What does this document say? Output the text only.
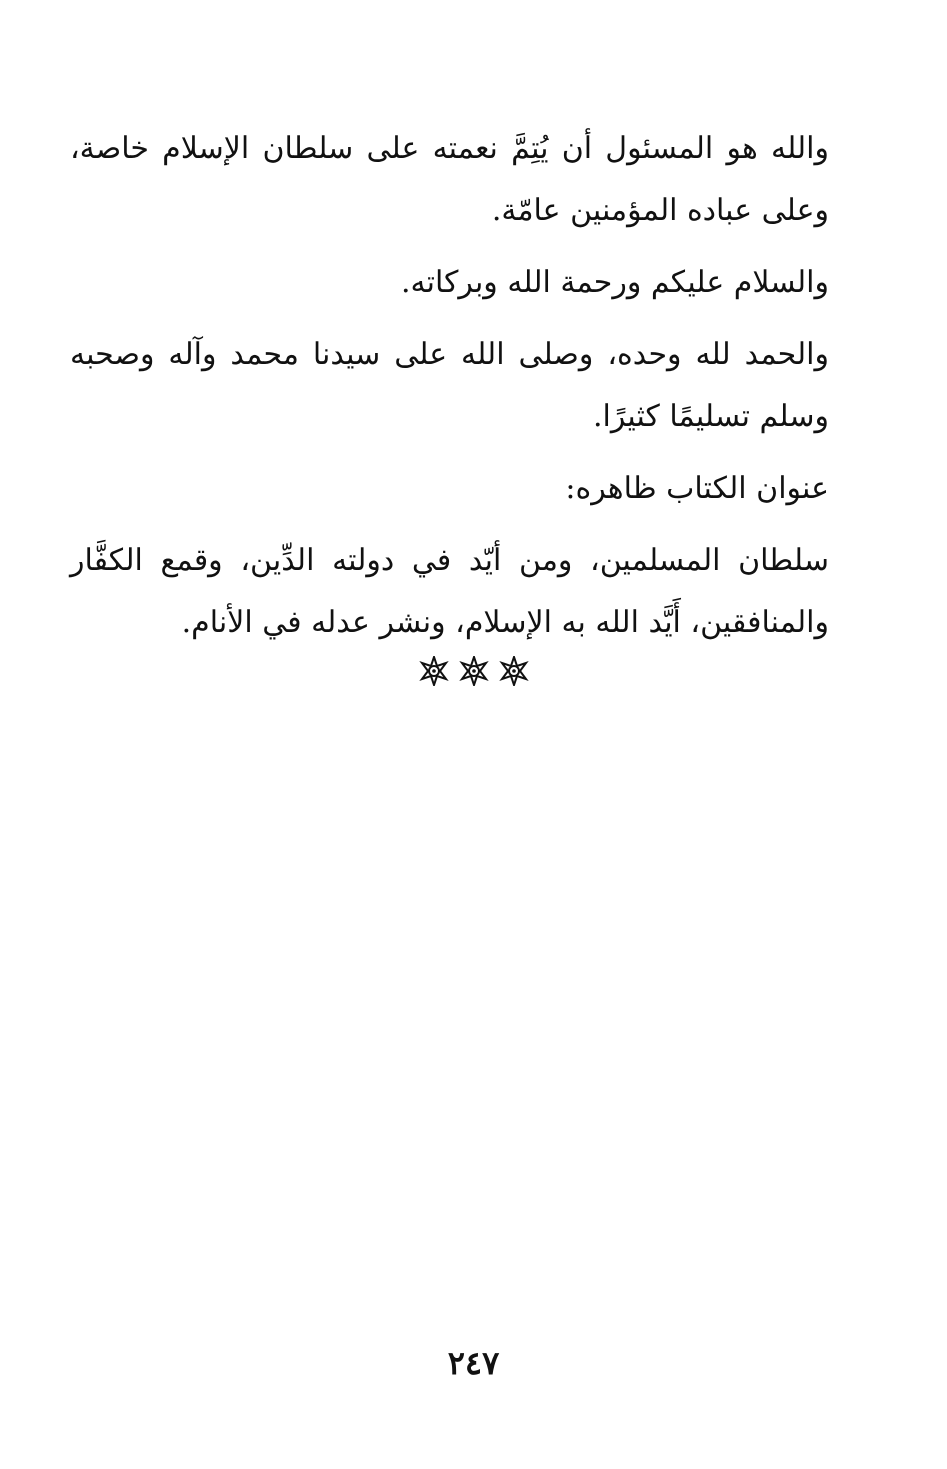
والله هو المسئول أن يُتِمَّ نعمته على سلطان الإسلام خاصة، وعلى عباده المؤمنين عامّة.

والسلام عليكم ورحمة الله وبركاته.

والحمد لله وحده، وصلى الله على سيدنا محمد وآله وصحبه وسلم تسليمًا كثيرًا.

عنوان الكتاب ظاهره:

سلطان المسلمين، ومن أيّد في دولته الدِّين، وقمع الكفَّار والمنافقين، أَيَّد الله به الإسلام، ونشر عدله في الأنام.

٢٤٧
